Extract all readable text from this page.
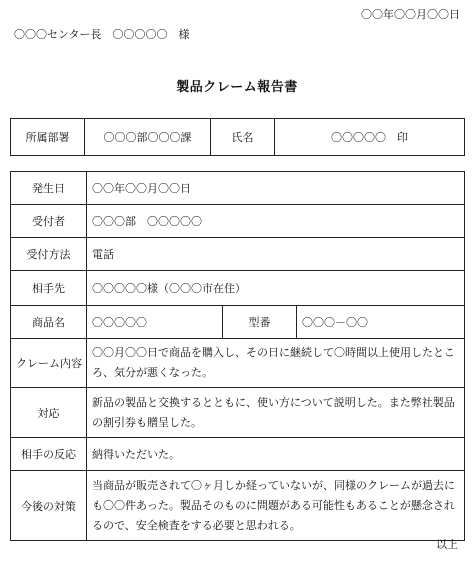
〇〇年〇〇月〇〇日
〇〇〇センター長　〇〇〇〇〇　様
製品クレーム報告書
所属部署	〇〇〇部〇〇〇課	氏名	〇〇〇〇〇　印
発生日	〇〇年〇〇月〇〇日		
受付者	〇〇〇部　〇〇〇〇〇		
受付方法	電話		
相手先	〇〇〇〇〇様（〇〇〇市在住）		
商品名	〇〇〇〇〇	型番	〇〇〇－〇〇
クレーム内容	〇〇月〇〇日で商品を購入し、その日に継続して〇時間以上使用したところ、気分が悪くなった。		
対応	新品の製品と交換するとともに、使い方について説明した。また弊社製品の割引券も贈呈した。		
相手の反応	納得いただいた。		
今後の対策	当商品が販売されて〇ヶ月しか経っていないが、同様のクレームが過去にも〇〇件あった。製品そのものに問題がある可能性もあることが懸念されるので、安全検査をする必要と思われる。		
以上
